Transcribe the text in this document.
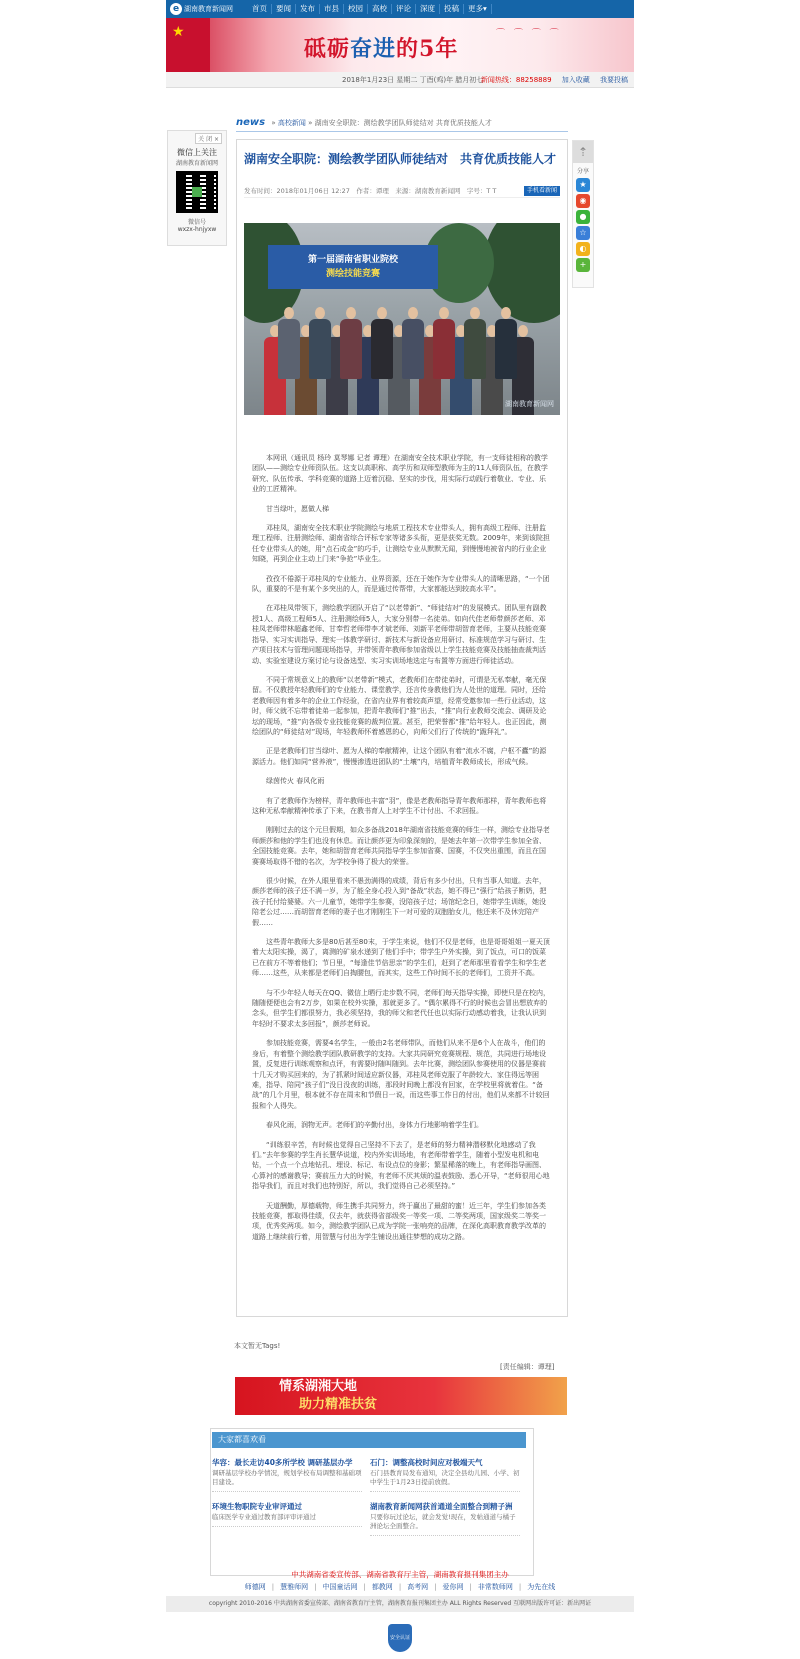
e 湖南教育新闻网	首页	要闻	发布	市县	校园	高校	评论	深度	投稿	更多▾
★
砥砺奋进的5年
⌒ ⌒ ⌒ ⌒
2018年1月23日 星期二 丁酉(鸡)年 腊月初七
新闻热线：88258889 加入收藏 我要投稿
关 闭 ×
微信上关注
湖南教育新闻网
微信号
wxzx-hnjyxw
⇡
分享
★
◉
●
☆
◐
+
news » 高校新闻 » 湖南安全职院：测绘教学团队师徒结对 共育优质技能人才
湖南安全职院：测绘教学团队师徒结对　共育优质技能人才
发布时间：2018年01月06日 12:27　作者：谭理　来源：湖南教育新闻网　字号：T T	手机看新闻
第一届湖南省职业院校
测绘技能竞赛
湖南教育新闻网

本网讯（通讯员 杨玲 莫琴娜 记者 谭理）在湖南安全技术职业学院，有一支师徒相称的教学团队——测绘专业师资队伍。这支以高职称、高学历和双师型教师为主的11人师资队伍，在教学研究、队伍传承、学科竞赛的道路上迈着沉稳、坚实的步伐，用实际行动践行着敬业、专业、乐业的工匠精神。

甘当绿叶，愿做人梯

邓桂凤，湖南安全技术职业学院测绘与地质工程技术专业带头人，拥有高级工程师、注册监理工程师、注册测绘师、湖南省综合评标专家等诸多头衔，更是获奖无数。2009年，来到该院担任专业带头人的她，用“点石成金”的巧手，让测绘专业从默默无闻，到慢慢地被省内的行业企业知晓，再到企业主动上门来“争抢”毕业生。

孜孜不倦源于邓桂凤的专业能力、业界资源，还在于她作为专业带头人的清晰思路，“一个团队，重要的不是有某个多突出的人，而是通过传帮带，大家都能达到较高水平”。

在邓桂凤带领下，测绘教学团队开启了“以老带新”、“师徒结对”的发展模式。团队里有副教授1人、高级工程师5人、注册测绘师5人，大家分别带一名徒弟。如向代佳老师带颜莎老师、邓桂凤老师带林超鑫老师、甘奉哲老师带李才斌老师、刘新平老师带胡智育老师，主要从技能竞赛指导、实习实训指导、理实一体教学研讨、新技术与新设备应用研讨、标准规范学习与研讨、生产项目技术与管理问题现场指导，并带领青年教师参加省级以上学生技能竞赛及技能抽查裁判活动、实验室建设方案讨论与设备选型、实习实训场地选定与布置等方面进行师徒活动。

不同于常规意义上的教师“以老带新”模式，老教师们在带徒弟时，可谓是无私奉献，毫无保留。不仅教授年轻教师们的专业能力、课堂教学，还言传身教他们为人处世的道理。同时，还给老教师因有着多年的企业工作经验，在省内业界有着较高声望，经常受邀参加一些行业活动，这时，师父就不忘带着徒弟一起参加，把青年教师们“推”出去，“推”向行业教师交流会、调研及论坛的现场，“推”向各级专业技能竞赛的裁判位置。甚至，把荣誉都“推”给年轻人。也正因此，测绘团队的“师徒结对”现场，年轻教师怀着感恩的心，向师父们行了传统的“跪拜礼”。

正是老教师们甘当绿叶、愿为人梯的奉献精神，让这个团队有着“流水不腐，户枢不蠹”的源源活力。他们如同“营养液”，慢慢渗透进团队的“土壤”内，培植青年教师成长，形成气候。

绿茵传火 春风化雨

有了老教师作为榜样，青年教师也丰富“羽”，像是老教师指导青年教师那样，青年教师也将这种无私奉献精神传承了下来，在教书育人上对学生不计付出、不求回报。

刚刚过去的这个元旦假期，如众多备战2018年湖南省技能竞赛的师生一样，测绘专业指导老师颜莎和他的学生们也没有休息。而让颜莎更为印象深刻的，是她去年第一次带学生参加全省、全国技能竞赛。去年，她和胡智育老师共同指导学生参加省赛、国赛，不仅突出重围，而且在国赛赛场取得不错的名次，为学校争得了极大的荣誉。

很少时候，在外人眼里看来不愚劲满得的成绩，背后有多少付出，只有当事人知道。去年，颜莎老师的孩子还不满一岁，为了能全身心投入到“备战”状态，她不得已“强行”给孩子断奶，把孩子托付给婆婆。六一儿童节，她带学生参赛，没陪孩子过；场馆纪念日，她带学生训练，她没陪老公过……而胡智育老师的妻子也才刚刚生下一对可爱的双胞胎女儿，他还来不及休完陪产假……

这些青年教师大多是80后甚至80末，于学生来说，他们不仅是老师，也是哥哥姐姐一夏天顶着大太阳实操，渴了，离测的矿泉水递到了他们手中；带学生户外实操，到了饭点，可口的饭菜已在前方不等着他们；节日里，“每逢佳节倍思亲”的学生们，赶到了老师那里看看学生和学生老师……这些，从来都是老师们自掏腰包，而其实，这些工作时间不长的老师们，工资并不高。

与不少年轻人每天在QQ、微信上晒行走步数不同，老师们每天指导实操，即使只是在校内，随随便便也会有2万步，如果在校外实操，那就更多了。“偶尔累得不行的时候也会冒出想放弃的念头，但学生们都很努力，我必须坚持，我的师父和老代任也以实际行动感动着我，让我认识到年轻时不要求太多回报”，颜莎老师说。

参加技能竞赛，需要4名学生，一般由2名老师带队，而他们从来不是6个人在战斗，他们的身后，有着整个测绘教学团队教研教学的支持。大家共同研究竞赛规程、规范，共同进行场地设置，反复进行训练观察和点评，有需要时随叫随到。去年比赛，测绘团队参赛使用的仪器是赛前十几天才购买回来的，为了抓紧时间适应新仪器，邓桂凤老师克服了年龄较大、家住得远等困难，指导、陪同“孩子们”没日没夜的训练，那段时间晚上都没有回家，在学校里将就着住。“备战”的几个月里，根本就不存在周末和节假日一说，而这些事工作日的付出，他们从来都不计较回报和个人得失。

春风化雨，润物无声。老师们的辛勤付出，身体力行地影响着学生们。

“训练很辛苦，有时候也觉得自己坚持不下去了，是老师的努力精神潜移默化地感动了我们。”去年参赛的学生肖长慧华说道，校内外实训场地，有老师带着学生，随着小型发电机和电钻，一个点一个点地钻孔、埋设、标记、布设点位的身影；繁星稀落的晚上，有老师指导画图、心算衬的感谢教导；赛前压力大的时候，有老师不厌其烦的温表鼓励、悉心开导，“老师很用心地指导我们，而且对我们也特别好，所以，我们觉得自己必须坚持。”

天道酬勤，厚德载物，师生携手共同努力，终于赢出了最甜的蜜！近三年，学生们参加各类技能竞赛，都取得佳绩，仅去年，就获得省部级奖一等奖一项、二等奖两项，国家级奖二等奖一项，优秀奖两项。如今，测绘教学团队已成为学院一张响亮的品牌，在深化高职教育教学改革的道路上继续前行着，用智慧与付出为学生铺设出通往梦想的成功之路。

本文暂无Tags!
[责任编辑：谭理]
情系湖湘大地
助力精准扶贫
大家都喜欢看
华容：最长走访40多所学校 调研基层办学
调研基层学校办学情况，规划学校布局调整和基础项目建设。
石门：调整高校时间应对极端天气
石门县教育局发布通知，决定全县幼儿园、小学、初中学生于1月23日提前放假。
环境生物职院专业审评通过
临床医学专业通过教育部评审评通过
湖南教育新闻网获首通道全面整合到精子洲
只要你玩过论坛，就会发觉!现在，发帖通道与橘子洲论坛全面整合。
中共湖南省委宣传部、湖南省教育厅主管，湖南教育报刊集团主办
师德网 | 慧雅师网 | 中国童话网 | 都教网 | 高考网 | 爱你网 | 非常数师网 | 为先在线
copyright 2010-2016 中共湖南省委宣传部、湖南省教育厅主管，湖南教育报刊集团主办 ALL Rights Reserved 互联网出版许可证：新出网证
安全认证
